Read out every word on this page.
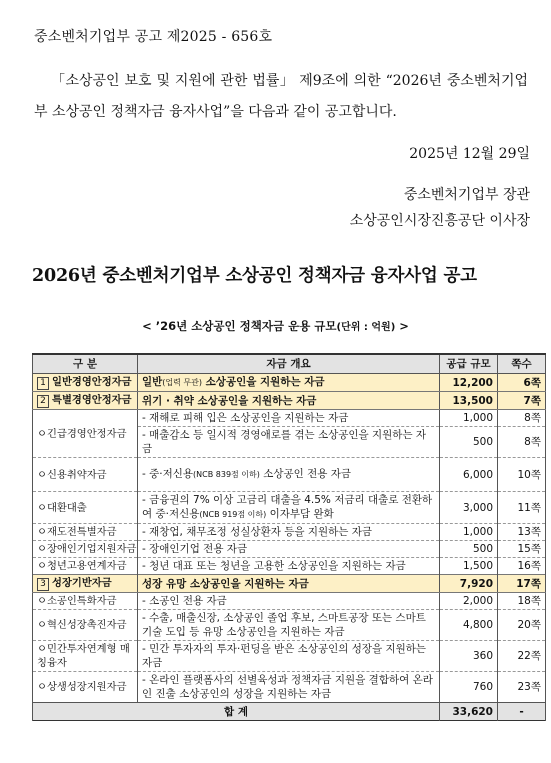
중소벤처기업부 공고 제2025 - 656호
「소상공인 보호 및 지원에 관한 법률」 제9조에 의한 “2026년 중소벤처기업부 소상공인 정책자금 융자사업”을 다음과 같이 공고합니다.
2025년 12월 29일
중소벤처기업부 장관
소상공인시장진흥공단 이사장
2026년 중소벤처기업부 소상공인 정책자금 융자사업 공고
< ’26년 소상공인 정책자금 운용 규모(단위 : 억원) >
구 분	자금 개요	공급 규모	쪽수
1 일반경영안정자금	일반(업력 무관) 소상공인을 지원하는 자금	12,200	6쪽
2 특별경영안정자금	위기 · 취약 소상공인을 지원하는 자금	13,500	7쪽
ㅇ긴급경영안정자금	- 재해로 피해 입은 소상공인을 지원하는 자금	1,000	8쪽
	- 매출감소 등 일시적 경영애로를 겪는 소상공인을 지원하는 자금	500	8쪽
ㅇ신용취약자금	- 중·저신용(NCB 839점 이하) 소상공인 전용 자금	6,000	10쪽
ㅇ대환대출	- 금융권의 7% 이상 고금리 대출을 4.5% 저금리 대출로 전환하여 중·저신용(NCB 919점 이하) 이자부담 완화	3,000	11쪽
ㅇ재도전특별자금	- 재창업, 채무조정 성실상환자 등을 지원하는 자금	1,000	13쪽
ㅇ장애인기업지원자금	- 장애인기업 전용 자금	500	15쪽
ㅇ청년고용연계자금	- 청년 대표 또는 청년을 고용한 소상공인을 지원하는 자금	1,500	16쪽
3 성장기반자금	성장 유망 소상공인을 지원하는 자금	7,920	17쪽
ㅇ소공인특화자금	- 소공인 전용 자금	2,000	18쪽
ㅇ혁신성장촉진자금	- 수출, 매출신장, 소상공인 졸업 후보, 스마트공장 또는 스마트기술 도입 등 유망 소상공인을 지원하는 자금	4,800	20쪽
ㅇ민간투자연계형 매칭융자	- 민간 투자자의 투자·펀딩을 받은 소상공인의 성장을 지원하는 자금	360	22쪽
ㅇ상생성장지원자금	- 온라인 플랫폼사의 선별육성과 정책자금 지원을 결합하여 온라인 진출 소상공인의 성장을 지원하는 자금	760	23쪽
합 계		33,620	-
